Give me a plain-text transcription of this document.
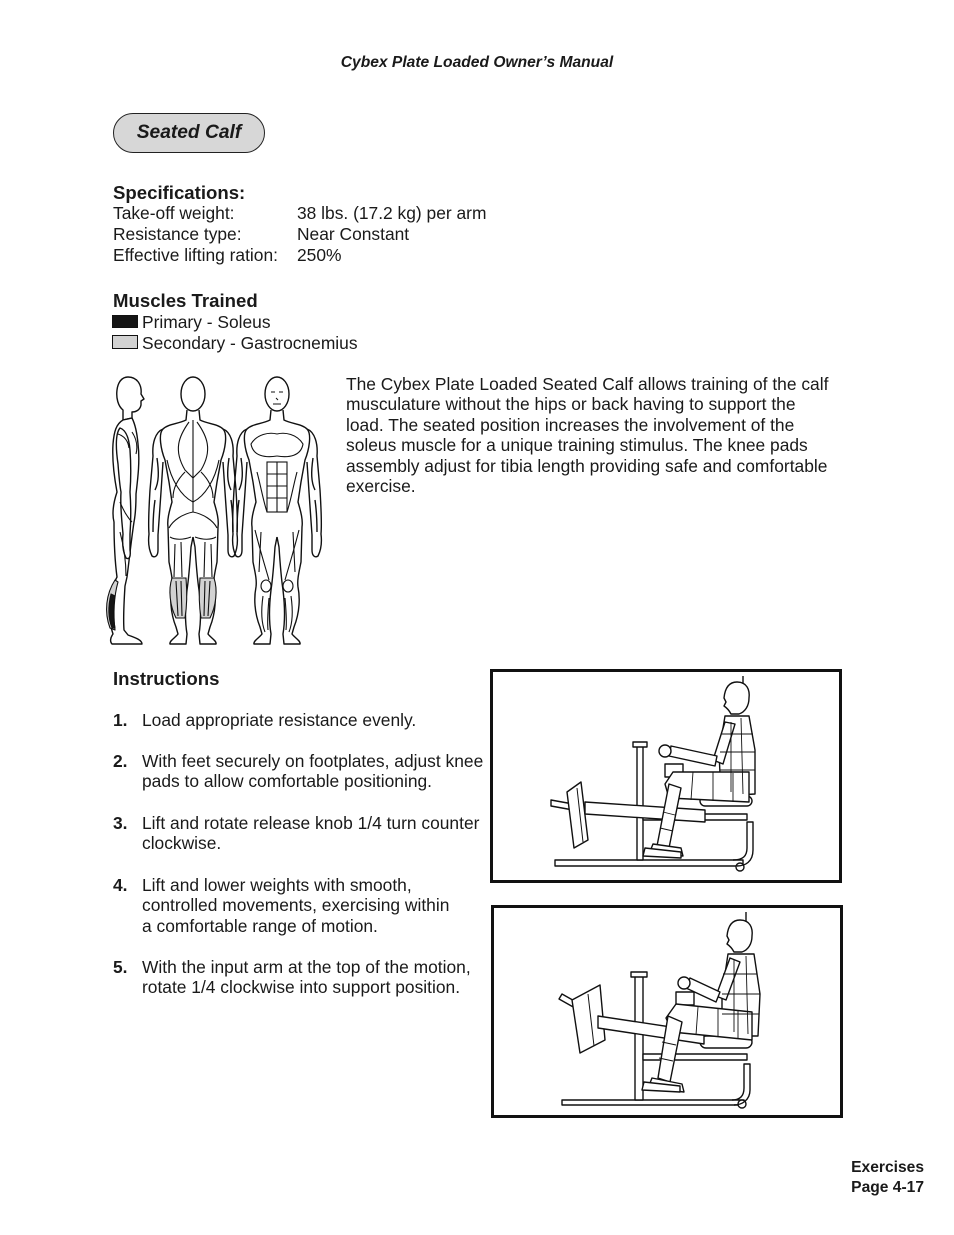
Cybex Plate Loaded Owner’s Manual
Seated Calf
Specifications:
Take-off weight:	38 lbs. (17.2 kg) per arm
Resistance type:	Near Constant
Effective lifting ration: 250%
Muscles Trained
Primary - Soleus
Secondary - Gastrocnemius
The Cybex Plate Loaded Seated Calf allows training of the calf
musculature without the hips or back having to support the
load. The seated position increases the involvement of the
soleus muscle for a unique training stimulus. The knee pads
assembly adjust for tibia length providing safe and comfortable
exercise.
Instructions
1. Load appropriate resistance evenly.
2. With feet securely on footplates, adjust knee
pads to allow comfortable positioning.
3. Lift and rotate release knob 1/4 turn counter
clockwise.
4. Lift and lower weights with smooth,
controlled movements, exercising within
a comfortable range of motion.
5. With the input arm at the top of the motion,
rotate 1/4 clockwise into support position.
Exercises
Page 4-17
